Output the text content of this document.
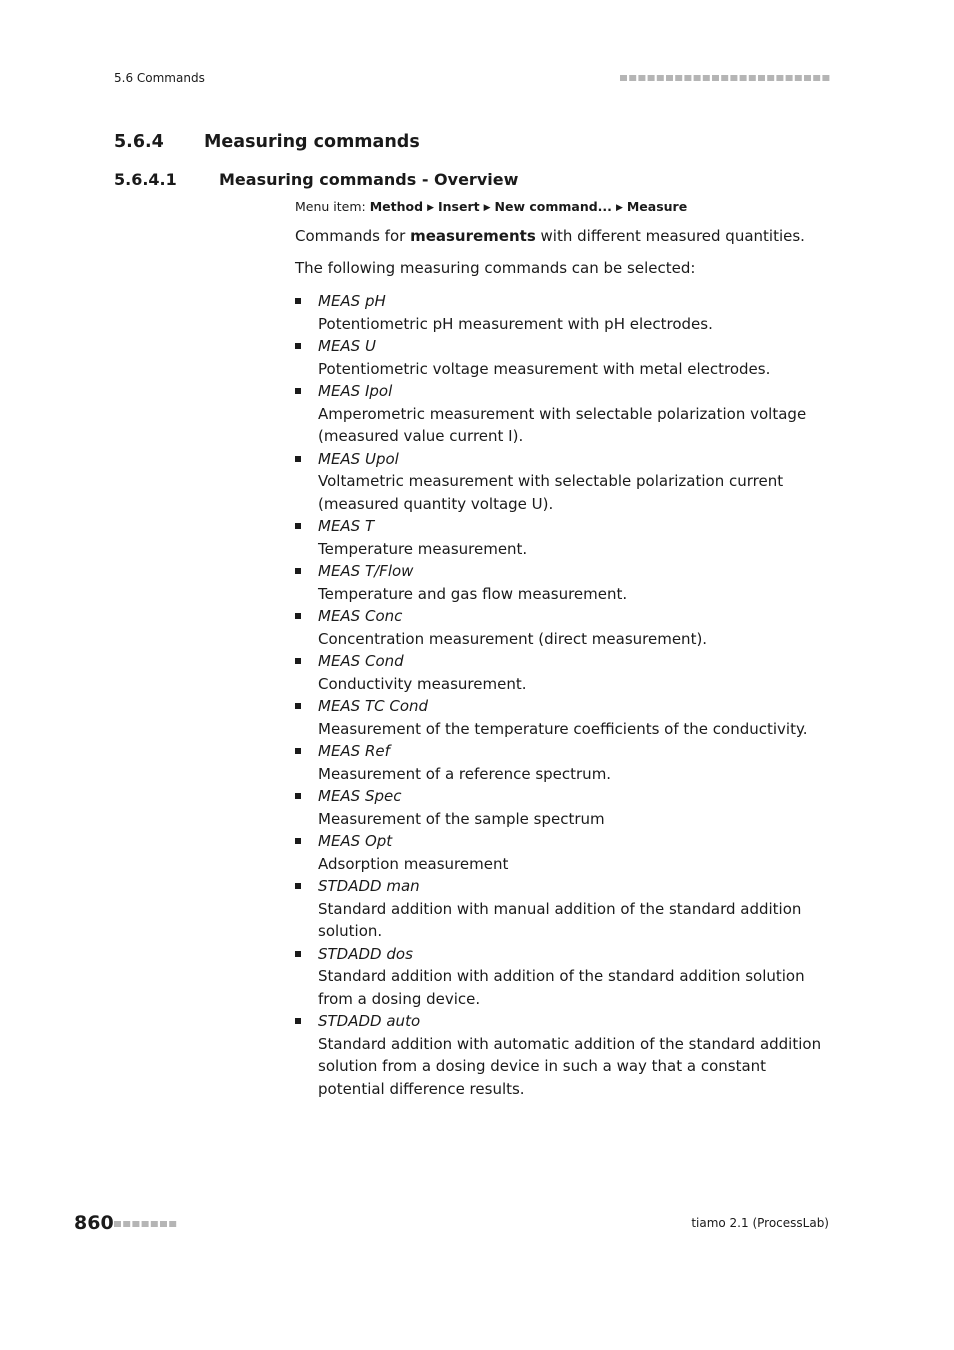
5.6 Commands
5.6.4 Measuring commands
5.6.4.1	Measuring commands - Overview
Menu item: Method ▶ Insert ▶ New command... ▶ Measure
Commands for measurements with different measured quantities.
The following measuring commands can be selected:
MEAS pH
Potentiometric pH measurement with pH electrodes.
MEAS U
Potentiometric voltage measurement with metal electrodes.
MEAS Ipol
Amperometric measurement with selectable polarization voltage (measured value current I).
MEAS Upol
Voltametric measurement with selectable polarization current (measured quantity voltage U).
MEAS T
Temperature measurement.
MEAS T/Flow
Temperature and gas flow measurement.
MEAS Conc
Concentration measurement (direct measurement).
MEAS Cond
Conductivity measurement.
MEAS TC Cond
Measurement of the temperature coefficients of the conductivity.
MEAS Ref
Measurement of a reference spectrum.
MEAS Spec
Measurement of the sample spectrum
MEAS Opt
Adsorption measurement
STDADD man
Standard addition with manual addition of the standard addition solution.
STDADD dos
Standard addition with addition of the standard addition solution from a dosing device.
STDADD auto
Standard addition with automatic addition of the standard addition solution from a dosing device in such a way that a constant potential difference results.
860	tiamo 2.1 (ProcessLab)
